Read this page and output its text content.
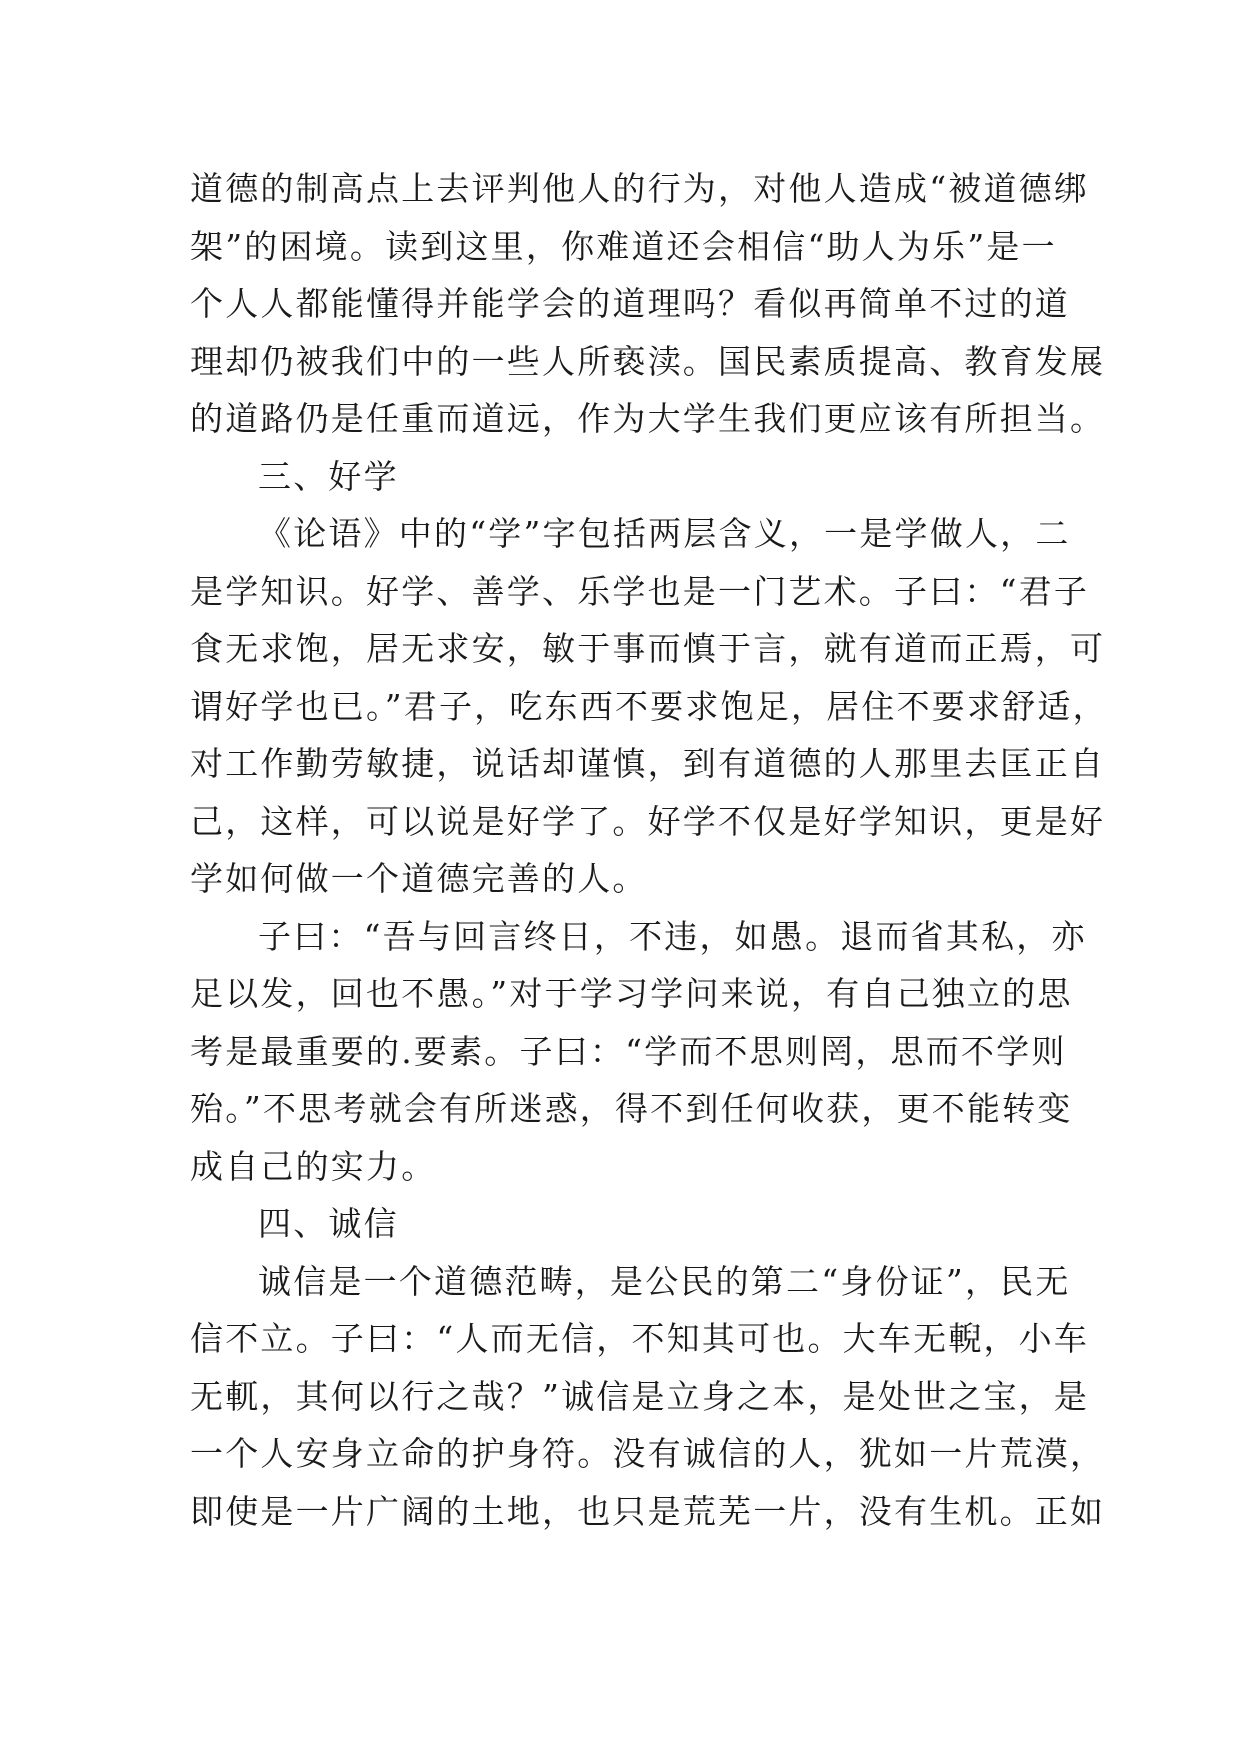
道德的制高点上去评判他人的行为，对他人造成“被道德绑
架”的困境。读到这里，你难道还会相信“助人为乐”是一
个人人都能懂得并能学会的道理吗？看似再简单不过的道
理却仍被我们中的一些人所亵渎。国民素质提高、教育发展
的道路仍是任重而道远，作为大学生我们更应该有所担当。
三、好学
《论语》中的“学”字包括两层含义，一是学做人，二
是学知识。好学、善学、乐学也是一门艺术。子曰：“君子
食无求饱，居无求安，敏于事而慎于言，就有道而正焉，可
谓好学也已。”君子，吃东西不要求饱足，居住不要求舒适，
对工作勤劳敏捷，说话却谨慎，到有道德的人那里去匡正自
己，这样，可以说是好学了。好学不仅是好学知识，更是好
学如何做一个道德完善的人。
子曰：“吾与回言终日，不违，如愚。退而省其私，亦
足以发，回也不愚。”对于学习学问来说，有自己独立的思
考是最重要的.要素。子曰：“学而不思则罔，思而不学则
殆。”不思考就会有所迷惑，得不到任何收获，更不能转变
成自己的实力。
四、诚信
诚信是一个道德范畴，是公民的第二“身份证”，民无
信不立。子曰：“人而无信，不知其可也。大车无輗，小车
无軏，其何以行之哉？”诚信是立身之本，是处世之宝，是
一个人安身立命的护身符。没有诚信的人，犹如一片荒漠，
即使是一片广阔的土地，也只是荒芜一片，没有生机。正如
